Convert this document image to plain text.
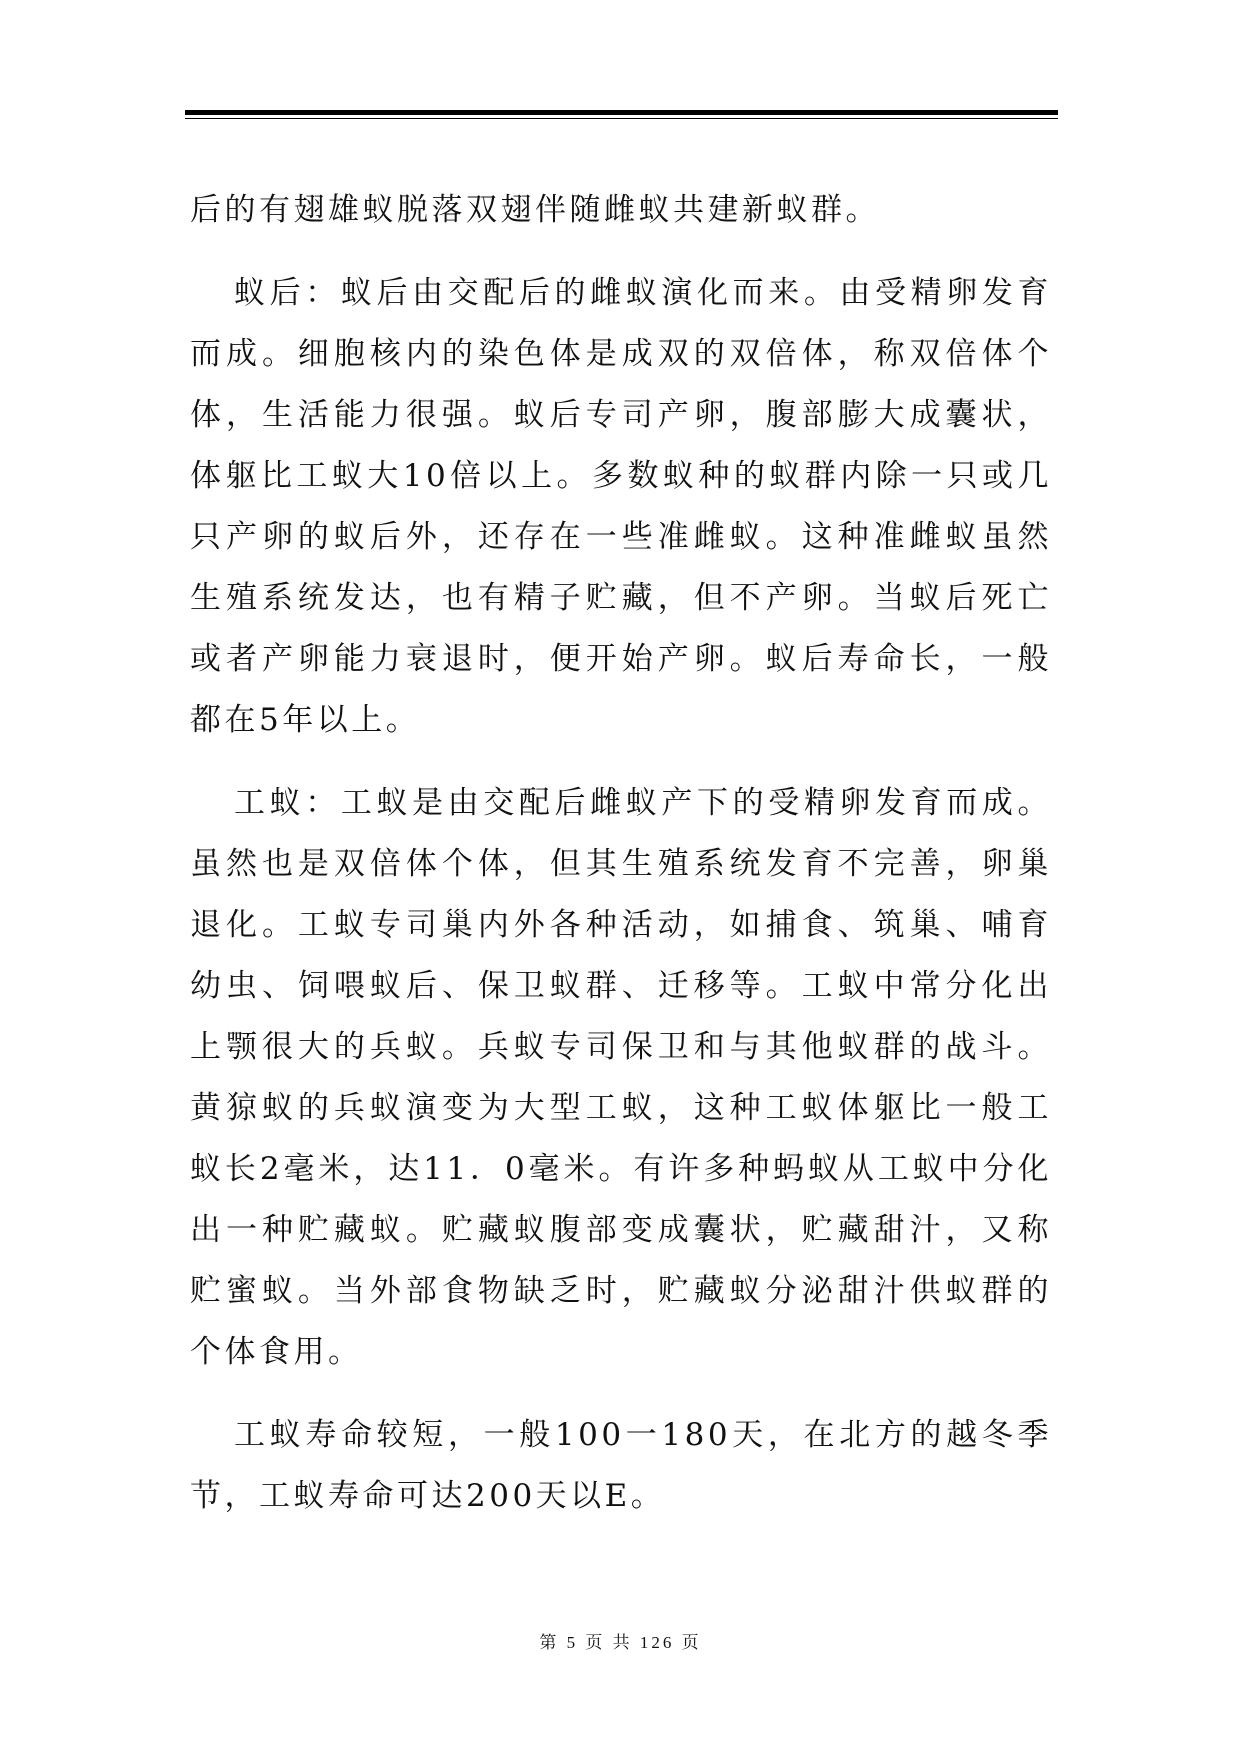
后的有翅雄蚁脱落双翅伴随雌蚁共建新蚁群。

蚁后：蚁后由交配后的雌蚁演化而来。由受精卵发育而成。细胞核内的染色体是成双的双倍体，称双倍体个体，生活能力很强。蚁后专司产卵，腹部膨大成囊状，体躯比工蚁大10倍以上。多数蚁种的蚁群内除一只或几只产卵的蚁后外，还存在一些准雌蚁。这种准雌蚁虽然生殖系统发达，也有精子贮藏，但不产卵。当蚁后死亡或者产卵能力衰退时，便开始产卵。蚁后寿命长，一般都在5年以上。

工蚁：工蚁是由交配后雌蚁产下的受精卵发育而成。虽然也是双倍体个体，但其生殖系统发育不完善，卵巢退化。工蚁专司巢内外各种活动，如捕食、筑巢、哺育幼虫、饲喂蚁后、保卫蚁群、迁移等。工蚁中常分化出上颚很大的兵蚁。兵蚁专司保卫和与其他蚁群的战斗。黄猄蚁的兵蚁演变为大型工蚁，这种工蚁体躯比一般工蚁长2毫米，达11．0毫米。有许多种蚂蚁从工蚁中分化出一种贮藏蚁。贮藏蚁腹部变成囊状，贮藏甜汁，又称贮蜜蚁。当外部食物缺乏时，贮藏蚁分泌甜汁供蚁群的个体食用。

工蚁寿命较短，一般100一180天，在北方的越冬季节，工蚁寿命可达200天以E。

第 5 页 共 126 页
